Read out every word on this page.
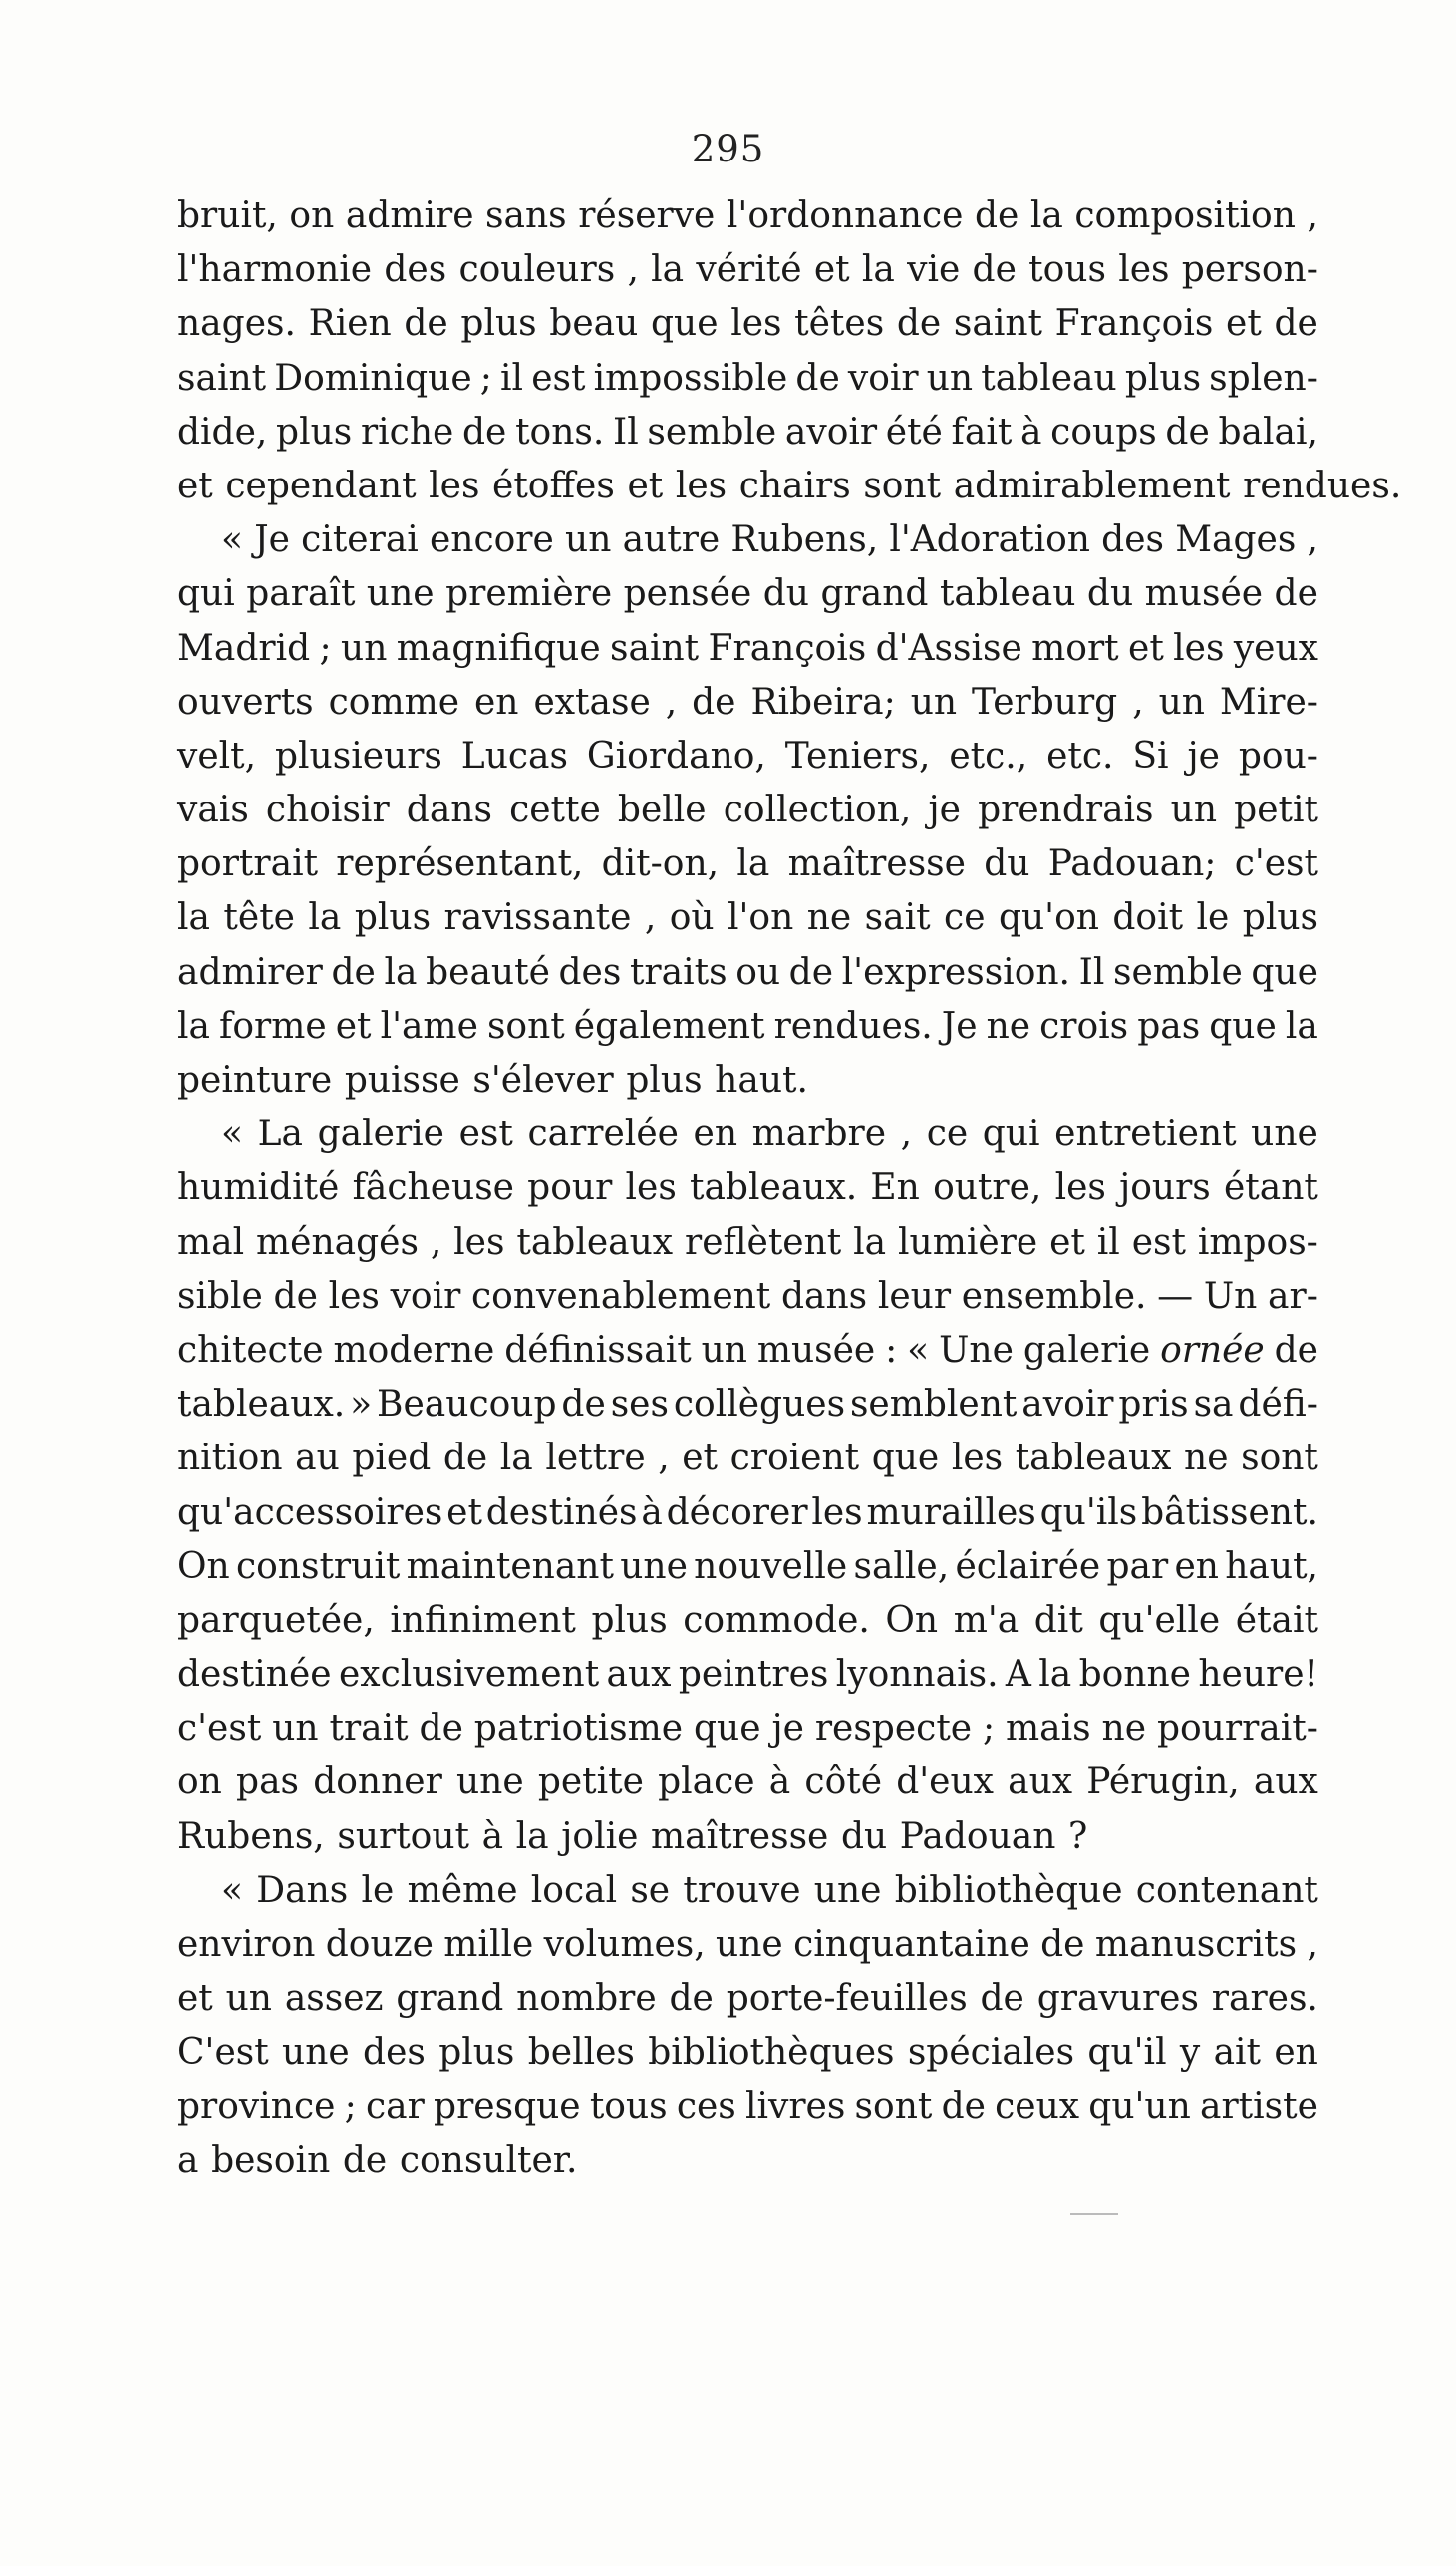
295
bruit, on admire sans réserve l'ordonnance de la composition ,
l'harmonie des couleurs , la vérité et la vie de tous les person-
nages. Rien de plus beau que les têtes de saint François et de
saint Dominique ; il est impossible de voir un tableau plus splen-
dide, plus riche de tons. Il semble avoir été fait à coups de balai,
et cependant les étoffes et les chairs sont admirablement rendues.
« Je citerai encore un autre Rubens, l'Adoration des Mages ,
qui paraît une première pensée du grand tableau du musée de
Madrid ; un magnifique saint François d'Assise mort et les yeux
ouverts comme en extase , de Ribeira; un Terburg , un Mire-
velt, plusieurs Lucas Giordano, Teniers, etc., etc. Si je pou-
vais choisir dans cette belle collection, je prendrais un petit
portrait représentant, dit-on, la maîtresse du Padouan; c'est
la tête la plus ravissante , où l'on ne sait ce qu'on doit le plus
admirer de la beauté des traits ou de l'expression. Il semble que
la forme et l'ame sont également rendues. Je ne crois pas que la
peinture puisse s'élever plus haut.
« La galerie est carrelée en marbre , ce qui entretient une
humidité fâcheuse pour les tableaux. En outre, les jours étant
mal ménagés , les tableaux reflètent la lumière et il est impos-
sible de les voir convenablement dans leur ensemble. — Un ar-
chitecte moderne définissait un musée : « Une galerie ornée de
tableaux. » Beaucoup de ses collègues semblent avoir pris sa défi-
nition au pied de la lettre , et croient que les tableaux ne sont
qu'accessoires et destinés à décorer les murailles qu'ils bâtissent.
On construit maintenant une nouvelle salle, éclairée par en haut,
parquetée, infiniment plus commode. On m'a dit qu'elle était
destinée exclusivement aux peintres lyonnais. A la bonne heure!
c'est un trait de patriotisme que je respecte ; mais ne pourrait-
on pas donner une petite place à côté d'eux aux Pérugin, aux
Rubens, surtout à la jolie maîtresse du Padouan ?
« Dans le même local se trouve une bibliothèque contenant
environ douze mille volumes, une cinquantaine de manuscrits ,
et un assez grand nombre de porte-feuilles de gravures rares.
C'est une des plus belles bibliothèques spéciales qu'il y ait en
province ; car presque tous ces livres sont de ceux qu'un artiste
a besoin de consulter.
